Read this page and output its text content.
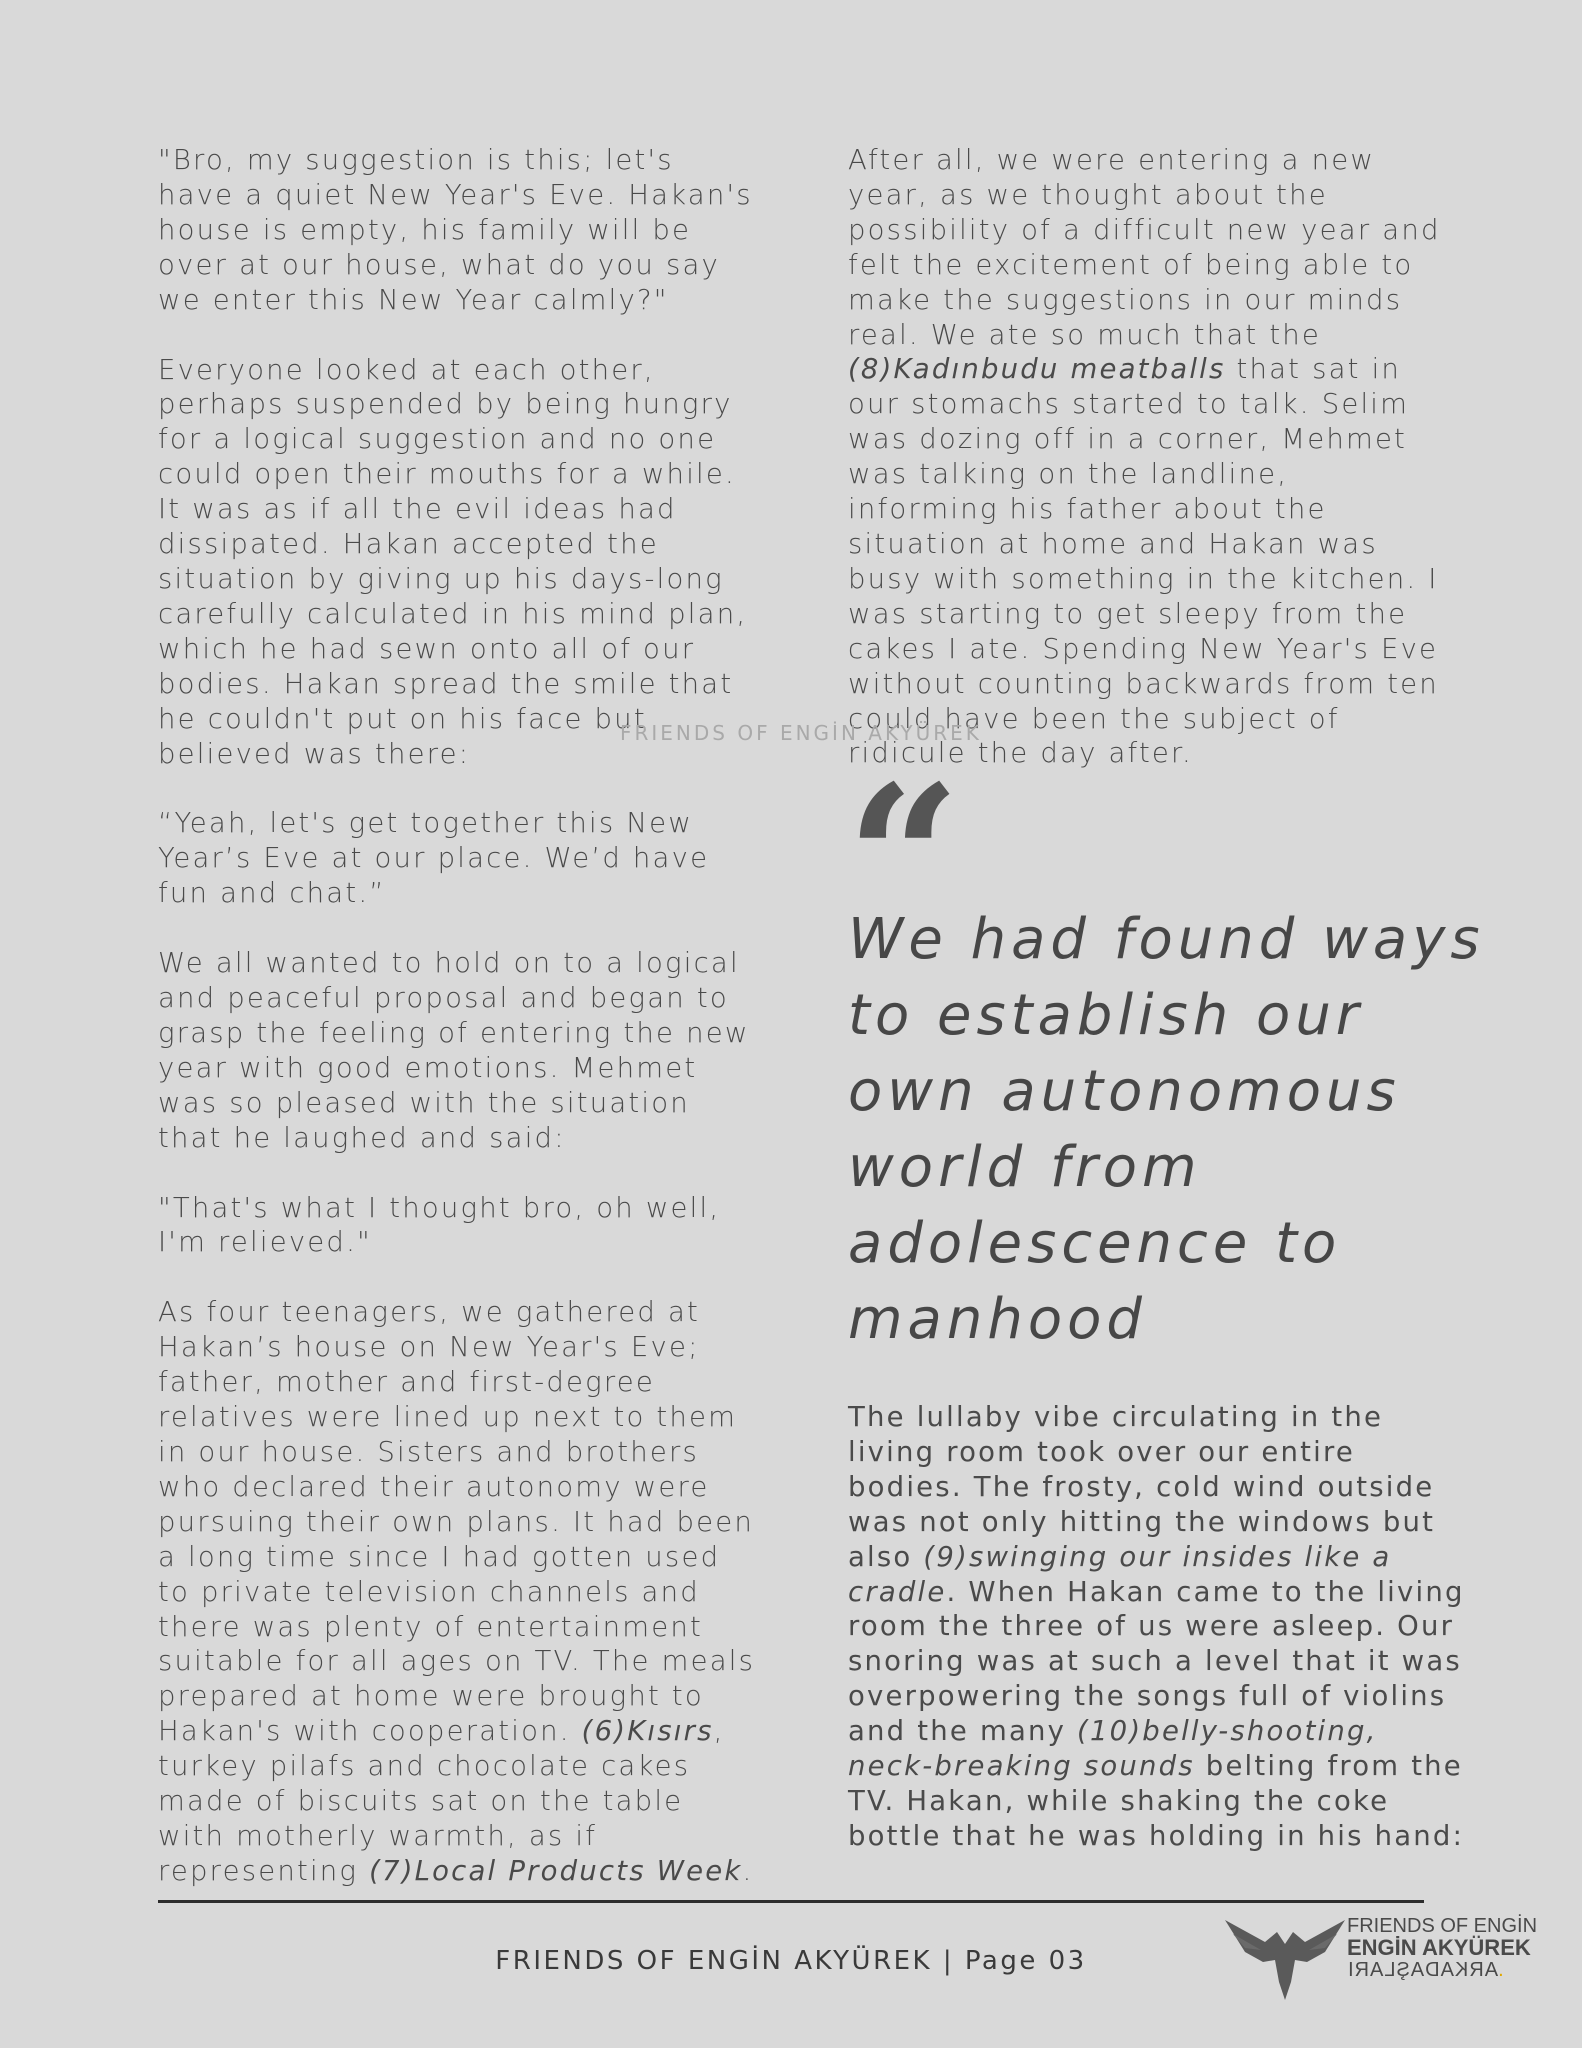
"Bro, my suggestion is this; let's have a quiet New Year's Eve. Hakan's house is empty, his family will be over at our house, what do you say we enter this New Year calmly?"

Everyone looked at each other, perhaps suspended by being hungry for a logical suggestion and no one could open their mouths for a while. It was as if all the evil ideas had dissipated. Hakan accepted the situation by giving up his days-long carefully calculated in his mind plan, which he had sewn onto all of our bodies. Hakan spread the smile that he couldn't put on his face but believed was there:

“Yeah, let's get together this New Year’s Eve at our place. We’d have fun and chat.”

We all wanted to hold on to a logical and peaceful proposal and began to grasp the feeling of entering the new year with good emotions. Mehmet was so pleased with the situation that he laughed and said:

"That's what I thought bro, oh well, I'm relieved."

As four teenagers, we gathered at Hakan’s house on New Year's Eve; father, mother and first-degree relatives were lined up next to them in our house. Sisters and brothers who declared their autonomy were pursuing their own plans. It had been a long time since I had gotten used to private television channels and there was plenty of entertainment suitable for all ages on TV. The meals prepared at home were brought to Hakan's with cooperation. (6)Kısırs, turkey pilafs and chocolate cakes made of biscuits sat on the table with motherly warmth, as if representing (7)Local Products Week.

After all, we were entering a new year, as we thought about the possibility of a difficult new year and felt the excitement of being able to make the suggestions in our minds real. We ate so much that the (8)Kadınbudu meatballs that sat in our stomachs started to talk. Selim was dozing off in a corner, Mehmet was talking on the landline, informing his father about the situation at home and Hakan was busy with something in the kitchen. I was starting to get sleepy from the cakes I ate. Spending New Year's Eve without counting backwards from ten could have been the subject of ridicule the day after.

FRIENDS OF ENGİN AKYÜREK
“
We had found ways to establish our own autonomous world from adolescence to manhood

The lullaby vibe circulating in the living room took over our entire bodies. The frosty, cold wind outside was not only hitting the windows but also (9)swinging our insides like a cradle. When Hakan came to the living room the three of us were asleep. Our snoring was at such a level that it was overpowering the songs full of violins and the many (10)belly-shooting, neck-breaking sounds belting from the TV. Hakan, while shaking the coke bottle that he was holding in his hand:

FRIENDS OF ENGİN AKYÜREK | Page 03
FRIENDS OF ENGİN
ENGİN AKYÜREK
ARKADAŞLARI.
